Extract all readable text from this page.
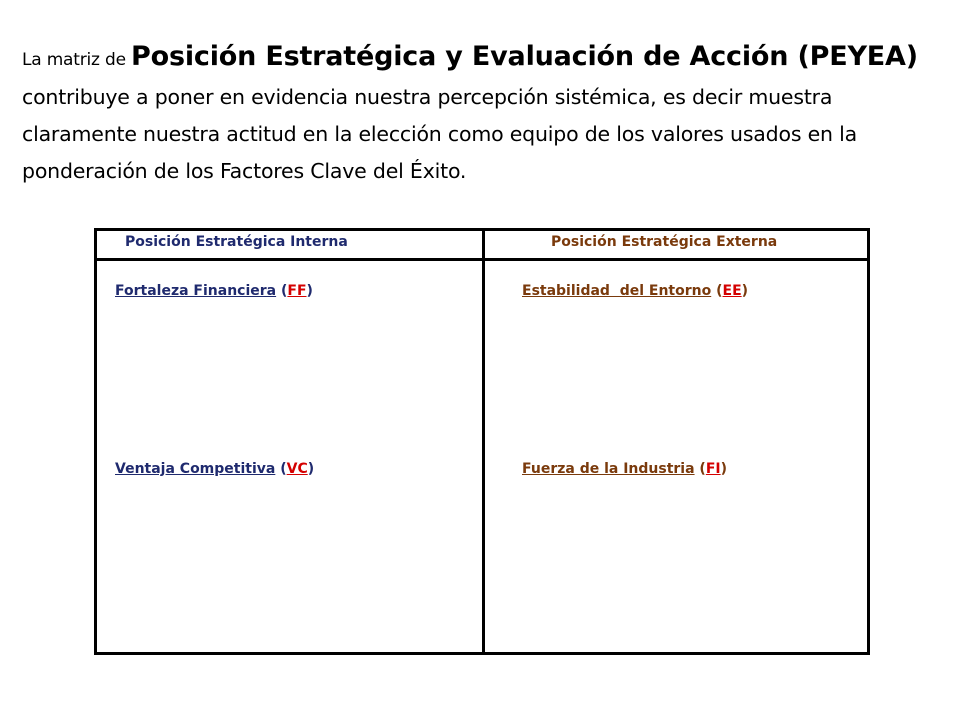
La matriz de Posición Estratégica y Evaluación de Acción (PEYEA) contribuye a poner en evidencia nuestra percepción sistémica, es decir muestra claramente nuestra actitud en la elección como equipo de los valores usados en la ponderación de los Factores Clave del Éxito.
Posición Estratégica Interna	Posición Estratégica Externa
Fortaleza Financiera (FF)
Ventaja Competitiva (VC)
Estabilidad  del Entorno (EE)
Fuerza de la Industria (FI)
